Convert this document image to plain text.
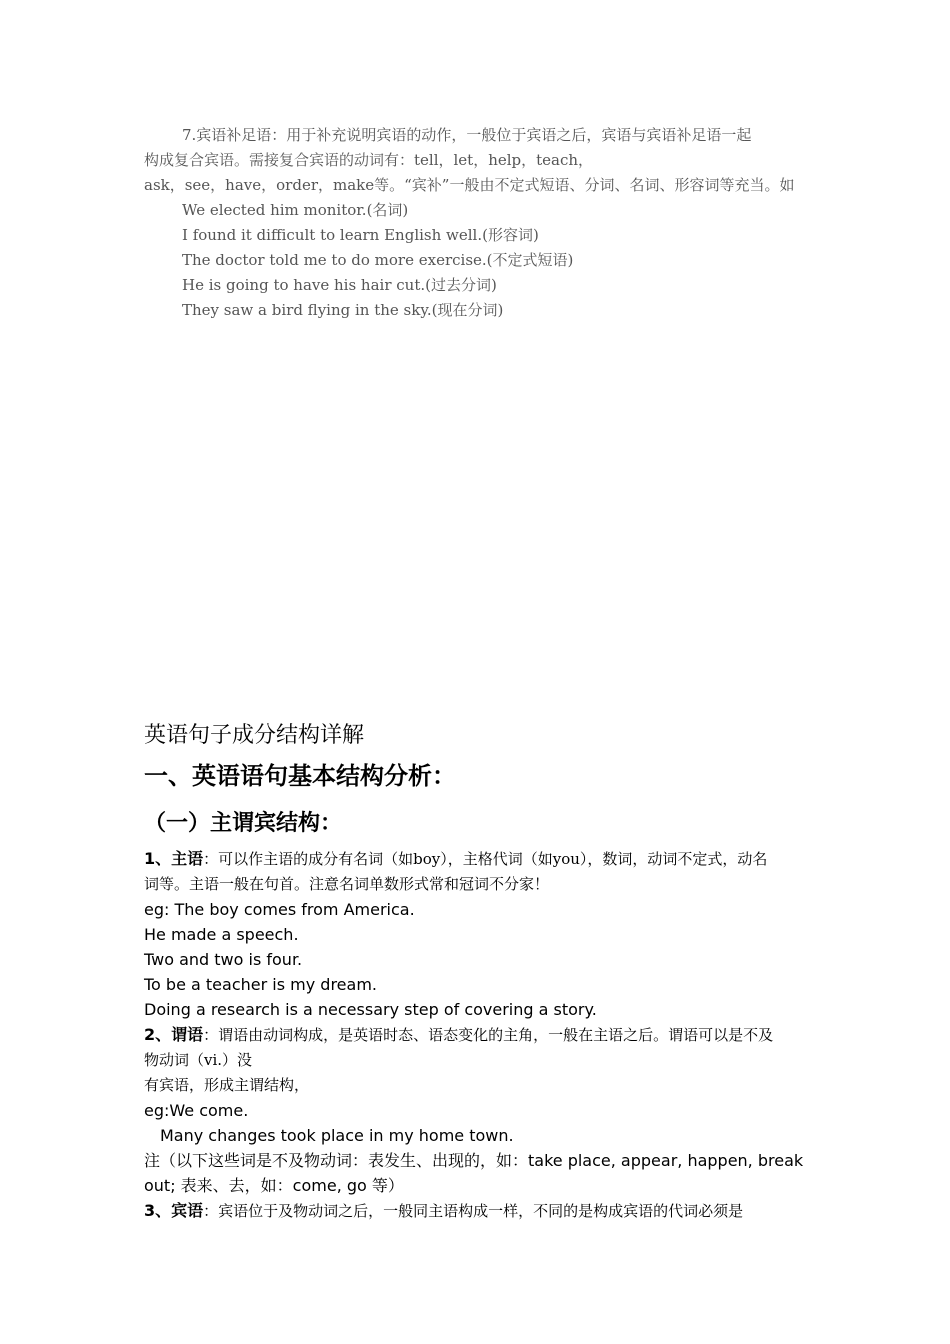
7.宾语补足语：用于补充说明宾语的动作，一般位于宾语之后，宾语与宾语补足语一起

构成复合宾语。需接复合宾语的动词有：tell，let，help，teach，

ask，see，have，order，make等。“宾补”一般由不定式短语、分词、名词、形容词等充当。如

We elected him monitor.(名词)

I found it difficult to learn English well.(形容词)

The doctor told me to do more exercise.(不定式短语)

He is going to have his hair cut.(过去分词)

They saw a bird flying in the sky.(现在分词)

英语句子成分结构详解
一、英语语句基本结构分析：
（一）主谓宾结构：

1、主语：可以作主语的成分有名词（如boy），主格代词（如you），数词，动词不定式，动名

词等。主语一般在句首。注意名词单数形式常和冠词不分家！

eg: The boy comes from America.

He made a speech.

Two and two is four.

To be a teacher is my dream.

Doing a research is a necessary step of covering a story.

2、谓语：谓语由动词构成，是英语时态、语态变化的主角，一般在主语之后。谓语可以是不及

物动词（vi.）没

有宾语，形成主谓结构，

eg:We come.

Many changes took place in my home town.

注（以下这些词是不及物动词：表发生、出现的，如：take place, appear, happen, break

out; 表来、去，如：come, go 等）

3、宾语：宾语位于及物动词之后，一般同主语构成一样，不同的是构成宾语的代词必须是
